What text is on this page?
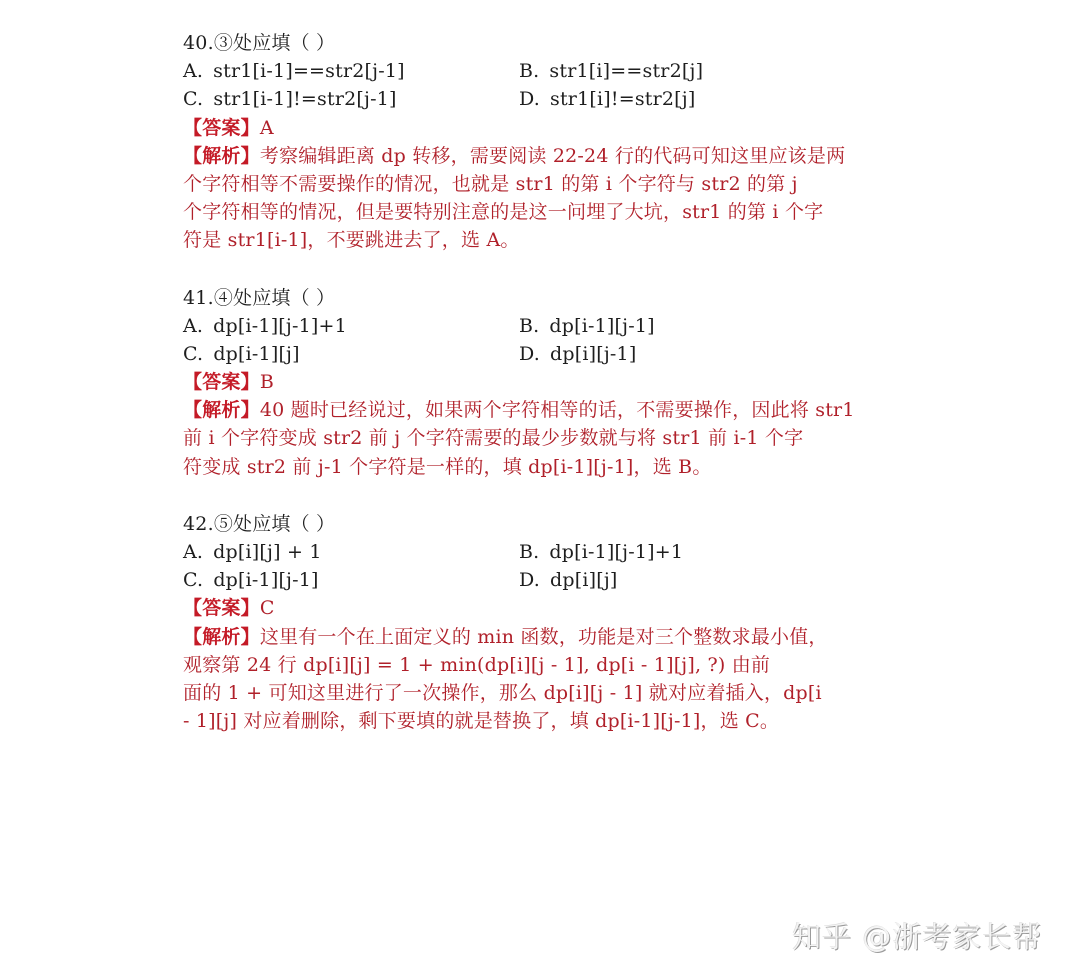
40.③处应填（ ）
A. str1[i-1]==str2[j-1]	B. str1[i]==str2[j]
C. str1[i-1]!=str2[j-1]	D. str1[i]!=str2[j]
【答案】A
【解析】考察编辑距离 dp 转移，需要阅读 22-24 行的代码可知这里应该是两
个字符相等不需要操作的情况，也就是 str1 的第 i 个字符与 str2 的第 j
个字符相等的情况，但是要特别注意的是这一问埋了大坑，str1 的第 i 个字
符是 str1[i-1]，不要跳进去了，选 A。
41.④处应填（ ）
A. dp[i-1][j-1]+1	B. dp[i-1][j-1]
C. dp[i-1][j]	D. dp[i][j-1]
【答案】B
【解析】40 题时已经说过，如果两个字符相等的话，不需要操作，因此将 str1
前 i 个字符变成 str2 前 j 个字符需要的最少步数就与将 str1 前 i-1 个字
符变成 str2 前 j-1 个字符是一样的，填 dp[i-1][j-1]，选 B。
42.⑤处应填（ ）
A. dp[i][j] + 1	B. dp[i-1][j-1]+1
C. dp[i-1][j-1]	D. dp[i][j]
【答案】C
【解析】这里有一个在上面定义的 min 函数，功能是对三个整数求最小值，
观察第 24 行 dp[i][j] = 1 + min(dp[i][j - 1], dp[i - 1][j], ?) 由前
面的 1 + 可知这里进行了一次操作，那么 dp[i][j - 1] 就对应着插入，dp[i
- 1][j] 对应着删除，剩下要填的就是替换了，填 dp[i-1][j-1]，选 C。
知乎 @浙考家长帮
